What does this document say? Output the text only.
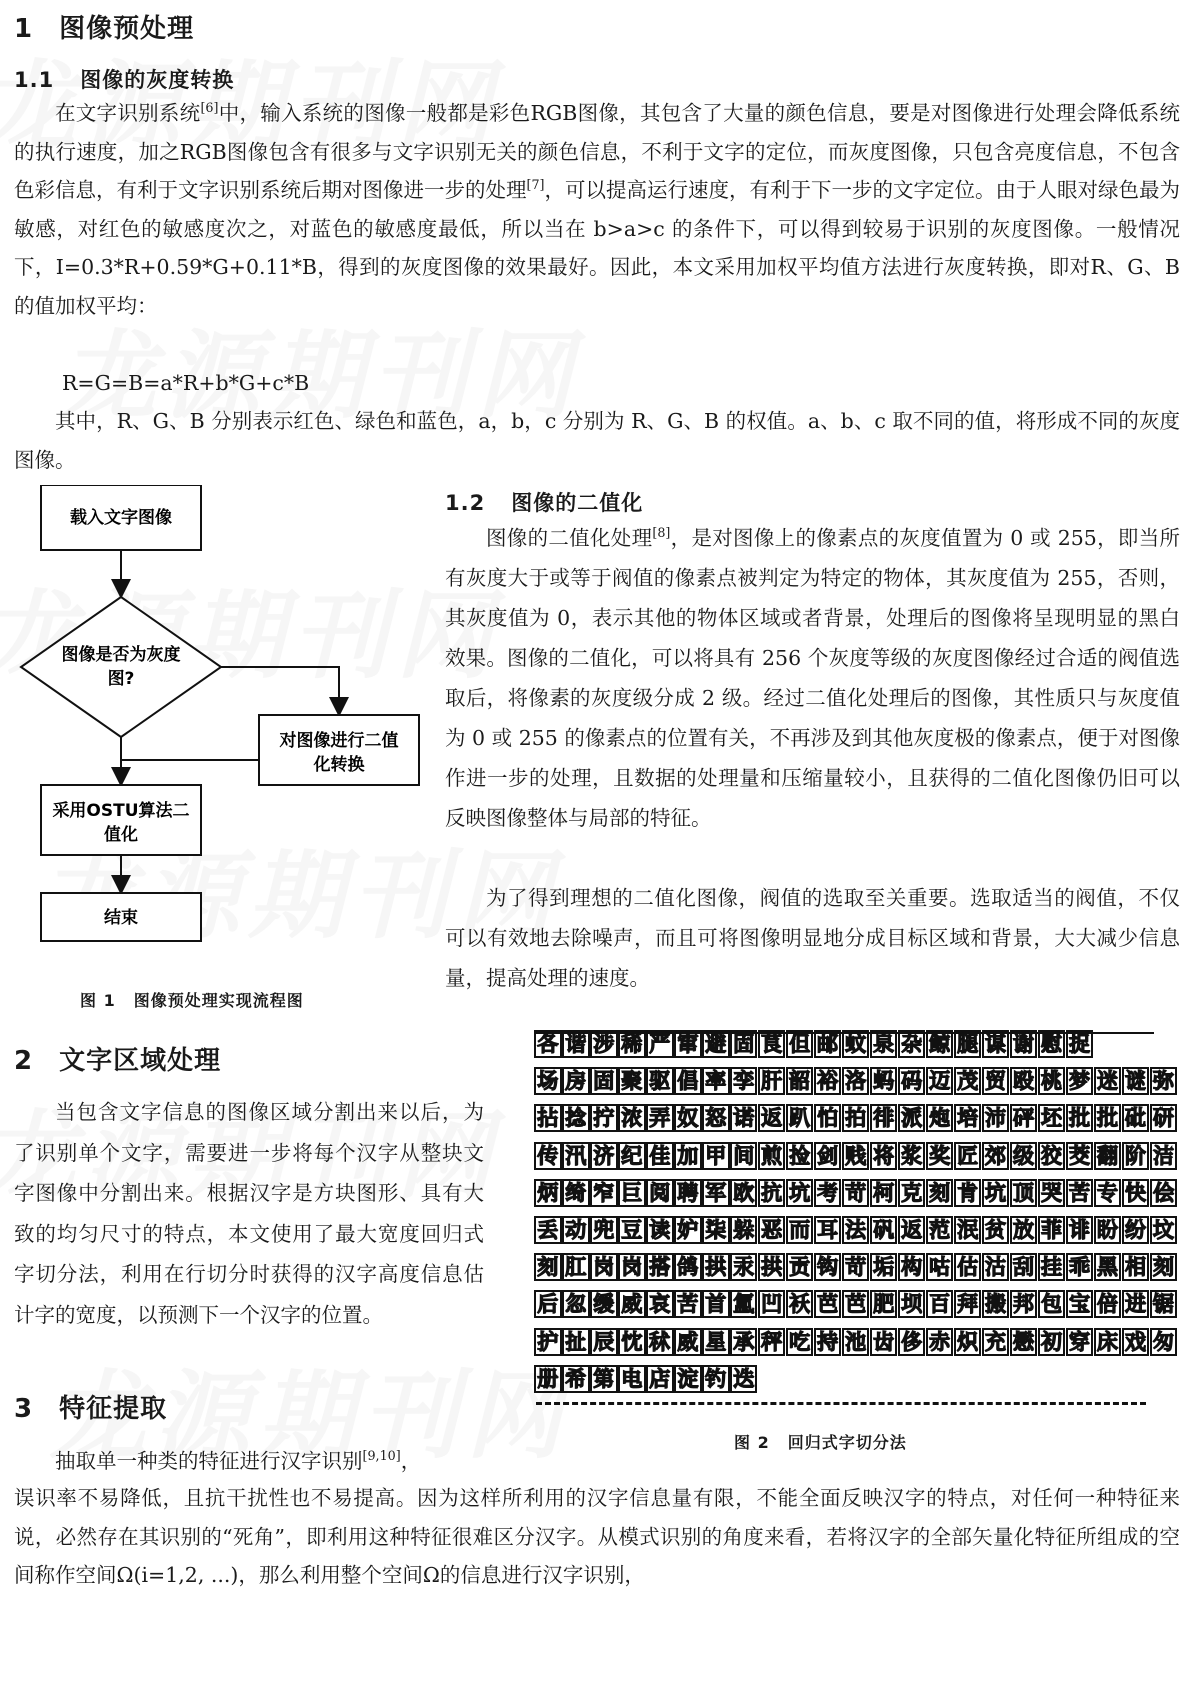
1 图像预处理
1.1 图像的灰度转换

在文字识别系统[6]中，输入系统的图像一般都是彩色RGB图像，其包含了大量的颜色信息，要是对图像进行处理会降低系统的执行速度，加之RGB图像包含有很多与文字识别无关的颜色信息，不利于文字的定位，而灰度图像，只包含亮度信息，不包含色彩信息，有利于文字识别系统后期对图像进一步的处理[7]，可以提高运行速度，有利于下一步的文字定位。由于人眼对绿色最为敏感，对红色的敏感度次之，对蓝色的敏感度最低，所以当在 b>a>c 的条件下，可以得到较易于识别的灰度图像。一般情况下，I=0.3*R+0.59*G+0.11*B，得到的灰度图像的效果最好。因此，本文采用加权平均值方法进行灰度转换，即对R、G、B的值加权平均：

R=G=B=a*R+b*G+c*B

其中，R、G、B 分别表示红色、绿色和蓝色，a，b，c 分别为 R、G、B 的权值。a、b、c 取不同的值，将形成不同的灰度图像。

载入文字图像
图像是否为灰度
图?
对图像进行二值
化转换
采用OSTU算法二
值化
结束
图 1 图像预处理实现流程图
1.2 图像的二值化

图像的二值化处理[8]，是对图像上的像素点的灰度值置为 0 或 255，即当所有灰度大于或等于阀值的像素点被判定为特定的物体，其灰度值为 255，否则，其灰度值为 0，表示其他的物体区域或者背景，处理后的图像将呈现明显的黑白效果。图像的二值化，可以将具有 256 个灰度等级的灰度图像经过合适的阀值选取后，将像素的灰度级分成 2 级。经过二值化处理后的图像，其性质只与灰度值为 0 或 255 的像素点的位置有关，不再涉及到其他灰度极的像素点，便于对图像作进一步的处理，且数据的处理量和压缩量较小，且获得的二值化图像仍旧可以反映图像整体与局部的特征。

为了得到理想的二值化图像，阀值的选取至关重要。选取适当的阀值，不仅可以有效地去除噪声，而且可将图像明显地分成目标区域和背景，大大减少信息量，提高处理的速度。

各 谐 涉 稀 严 窜 避 固 茛 但 邮 蚊 泉 杂 鲸 腿 谋 谢 慰 捉
场 房 固 聚 驱 倡 率 孪 肝 韶 裕 洛 蚂 码 迈 茂 贸 殴 桃 梦 迷 谜 弥
拈 捻 拧 浓 弄 奴 怒 诺 返 趴 怕 拍 徘 派 炮 培 沛 砰 坯 批 批 砒 研
传 汛 济 纪 佳 加 甲 间 煎 捡 剑 贱 将 浆 奖 匠 郊 级 狡 茭 翻 阶 洁
炳 绮 窄 巨 阅 聘 军 欧 抗 坑 考 苛 柯 克 刻 肯 坑 顶 哭 苦 专 快 侩
丢 动 兜 豆 读 妒 柒 躲 恶 而 耳 法 矾 返 范 泯 贫 放 菲 诽 盼 纷 坟
刻 肛 岗 岗 搭 鸽 拱 汞 拱 贡 钩 苛 垢 构 咕 估 沽 刮 挂 乖 黑 相 刻
后 忽 缓 威 哀 苦 首 氲 凹 袄 芭 芭 肥 坝 百 拜 搬 邦 包 宝 倍 进 锯
护 扯 辰 忱 秫 威 星 承 秤 吃 持 池 齿 侈 赤 炽 充 懋 初 穿 床 戏 匆
册 希 第 电 店 淀 钓 迭
2 文字区域处理

当包含文字信息的图像区域分割出来以后，为了识别单个文字，需要进一步将每个汉字从整块文字图像中分割出来。根据汉字是方块图形、具有大致的均匀尺寸的特点，本文使用了最大宽度回归式字切分法，利用在行切分时获得的汉字高度信息估计字的宽度，以预测下一个汉字的位置。

3 特征提取

抽取单一种类的特征进行汉字识别[9,10]，

误识率不易降低，且抗干扰性也不易提高。因为这样所利用的汉字信息量有限，不能全面反映汉字的特点，对任何一种特征来说，必然存在其识别的“死角”，即利用这种特征很难区分汉字。从模式识别的角度来看，若将汉字的全部矢量化特征所组成的空间称作空间Ω(i=1,2, ...)，那么利用整个空间Ω的信息进行汉字识别，

图 2 回归式字切分法
